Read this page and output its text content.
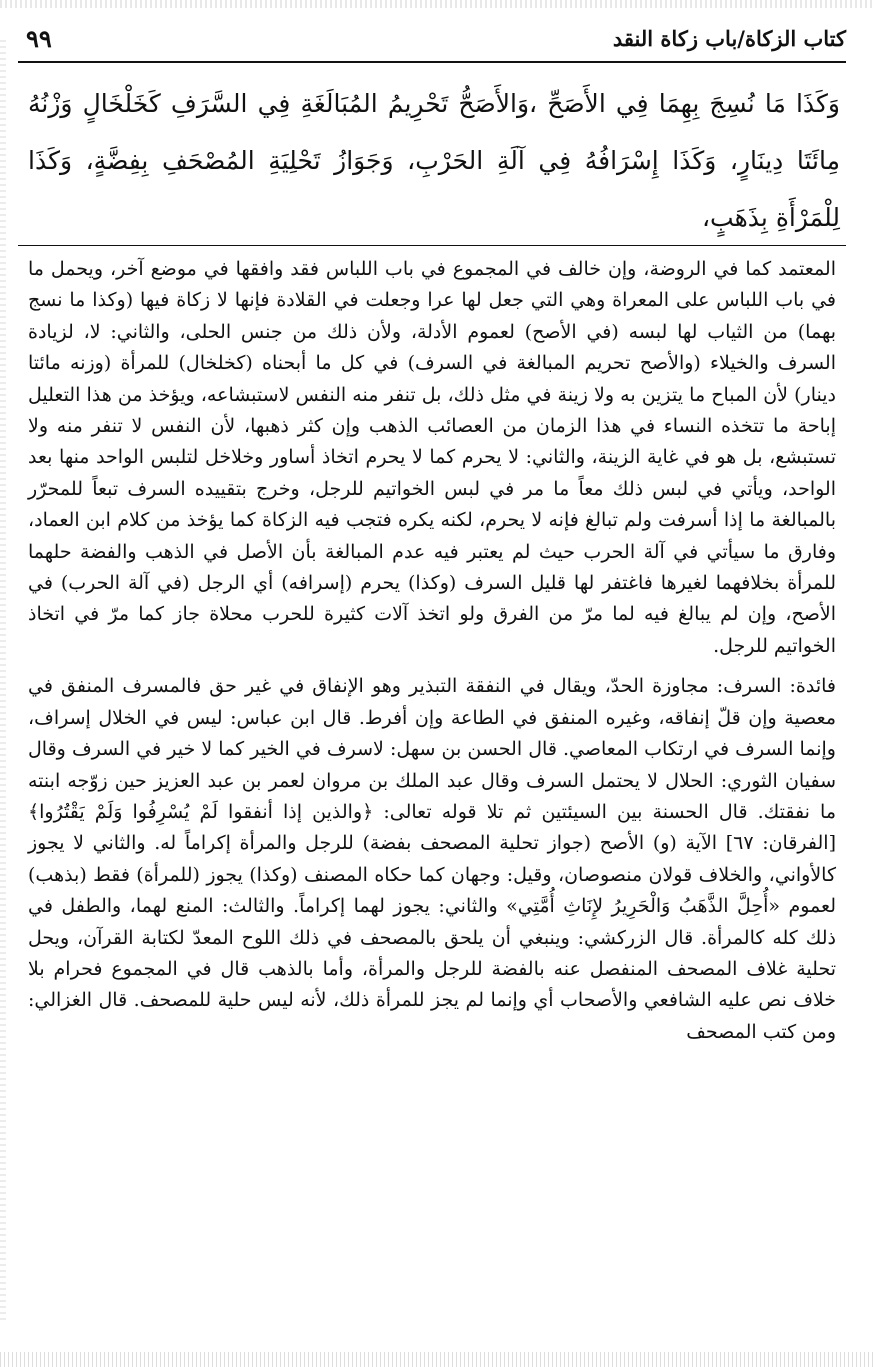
كتاب الزكاة/باب زكاة النقد
٩٩
وَكَذَا مَا نُسِجَ بِهِمَا فِي الأَصَحِّ ،وَالأَصَحُّ تَحْرِيمُ المُبَالَغَةِ فِي السَّرَفِ كَخَلْخَالٍ وَزْنُهُ مِائَتَا دِينَارٍ، وَكَذَا إِسْرَافُهُ فِي آلَةِ الحَرْبِ، وَجَوَازُ تَحْلِيَةِ المُصْحَفِ بِفِضَّةٍ، وَكَذَا لِلْمَرْأَةِ بِذَهَبٍ،

المعتمد كما في الروضة، وإن خالف في المجموع في باب اللباس فقد وافقها في موضع آخر، ويحمل ما في باب اللباس على المعراة وهي التي جعل لها عرا وجعلت في القلادة فإنها لا زكاة فيها (وكذا ما نسج بهما) من الثياب لها لبسه (في الأصح) لعموم الأدلة، ولأن ذلك من جنس الحلى، والثاني: لا، لزيادة السرف والخيلاء (والأصح تحريم المبالغة في السرف) في كل ما أبحناه (كخلخال) للمرأة (وزنه مائتا دينار) لأن المباح ما يتزين به ولا زينة في مثل ذلك، بل تنفر منه النفس لاستبشاعه، ويؤخذ من هذا التعليل إباحة ما تتخذه النساء في هذا الزمان من العصائب الذهب وإن كثر ذهبها، لأن النفس لا تنفر منه ولا تستبشع، بل هو في غاية الزينة، والثاني: لا يحرم كما لا يحرم اتخاذ أساور وخلاخل لتلبس الواحد منها بعد الواحد، ويأتي في لبس ذلك معاً ما مر في لبس الخواتيم للرجل، وخرج بتقييده السرف تبعاً للمحرّر بالمبالغة ما إذا أسرفت ولم تبالغ فإنه لا يحرم، لكنه يكره فتجب فيه الزكاة كما يؤخذ من كلام ابن العماد، وفارق ما سيأتي في آلة الحرب حيث لم يعتبر فيه عدم المبالغة بأن الأصل في الذهب والفضة حلهما للمرأة بخلافهما لغيرها فاغتفر لها قليل السرف (وكذا) يحرم (إسرافه) أي الرجل (في آلة الحرب) في الأصح، وإن لم يبالغ فيه لما مرّ من الفرق ولو اتخذ آلات كثيرة للحرب محلاة جاز كما مرّ في اتخاذ الخواتيم للرجل.

فائدة: السرف: مجاوزة الحدّ، ويقال في النفقة التبذير وهو الإنفاق في غير حق فالمسرف المنفق في معصية وإن قلّ إنفاقه، وغيره المنفق في الطاعة وإن أفرط. قال ابن عباس: ليس في الخلال إسراف، وإنما السرف في ارتكاب المعاصي. قال الحسن بن سهل: لاسرف في الخير كما لا خير في السرف وقال سفيان الثوري: الحلال لا يحتمل السرف وقال عبد الملك بن مروان لعمر بن عبد العزيز حين زوّجه ابنته ما نفقتك. قال الحسنة بين السيئتين ثم تلا قوله تعالى: ﴿والذين إذا أنفقوا لَمْ يُسْرِفُوا وَلَمْ يَقْتُرُوا﴾ [الفرقان: ٦٧] الآية (و) الأصح (جواز تحلية المصحف بفضة) للرجل والمرأة إكراماً له. والثاني لا يجوز كالأواني، والخلاف قولان منصوصان، وقيل: وجهان كما حكاه المصنف (وكذا) يجوز (للمرأة) فقط (بذهب) لعموم «أُحِلَّ الذَّهَبُ وَالْحَرِيرُ لإِنَاثِ أُمَّتِي» والثاني: يجوز لهما إكراماً. والثالث: المنع لهما، والطفل في ذلك كله كالمرأة. قال الزركشي: وينبغي أن يلحق بالمصحف في ذلك اللوح المعدّ لكتابة القرآن، ويحل تحلية غلاف المصحف المنفصل عنه بالفضة للرجل والمرأة، وأما بالذهب قال في المجموع فحرام بلا خلاف نص عليه الشافعي والأصحاب أي وإنما لم يجز للمرأة ذلك، لأنه ليس حلية للمصحف. قال الغزالي: ومن كتب المصحف
